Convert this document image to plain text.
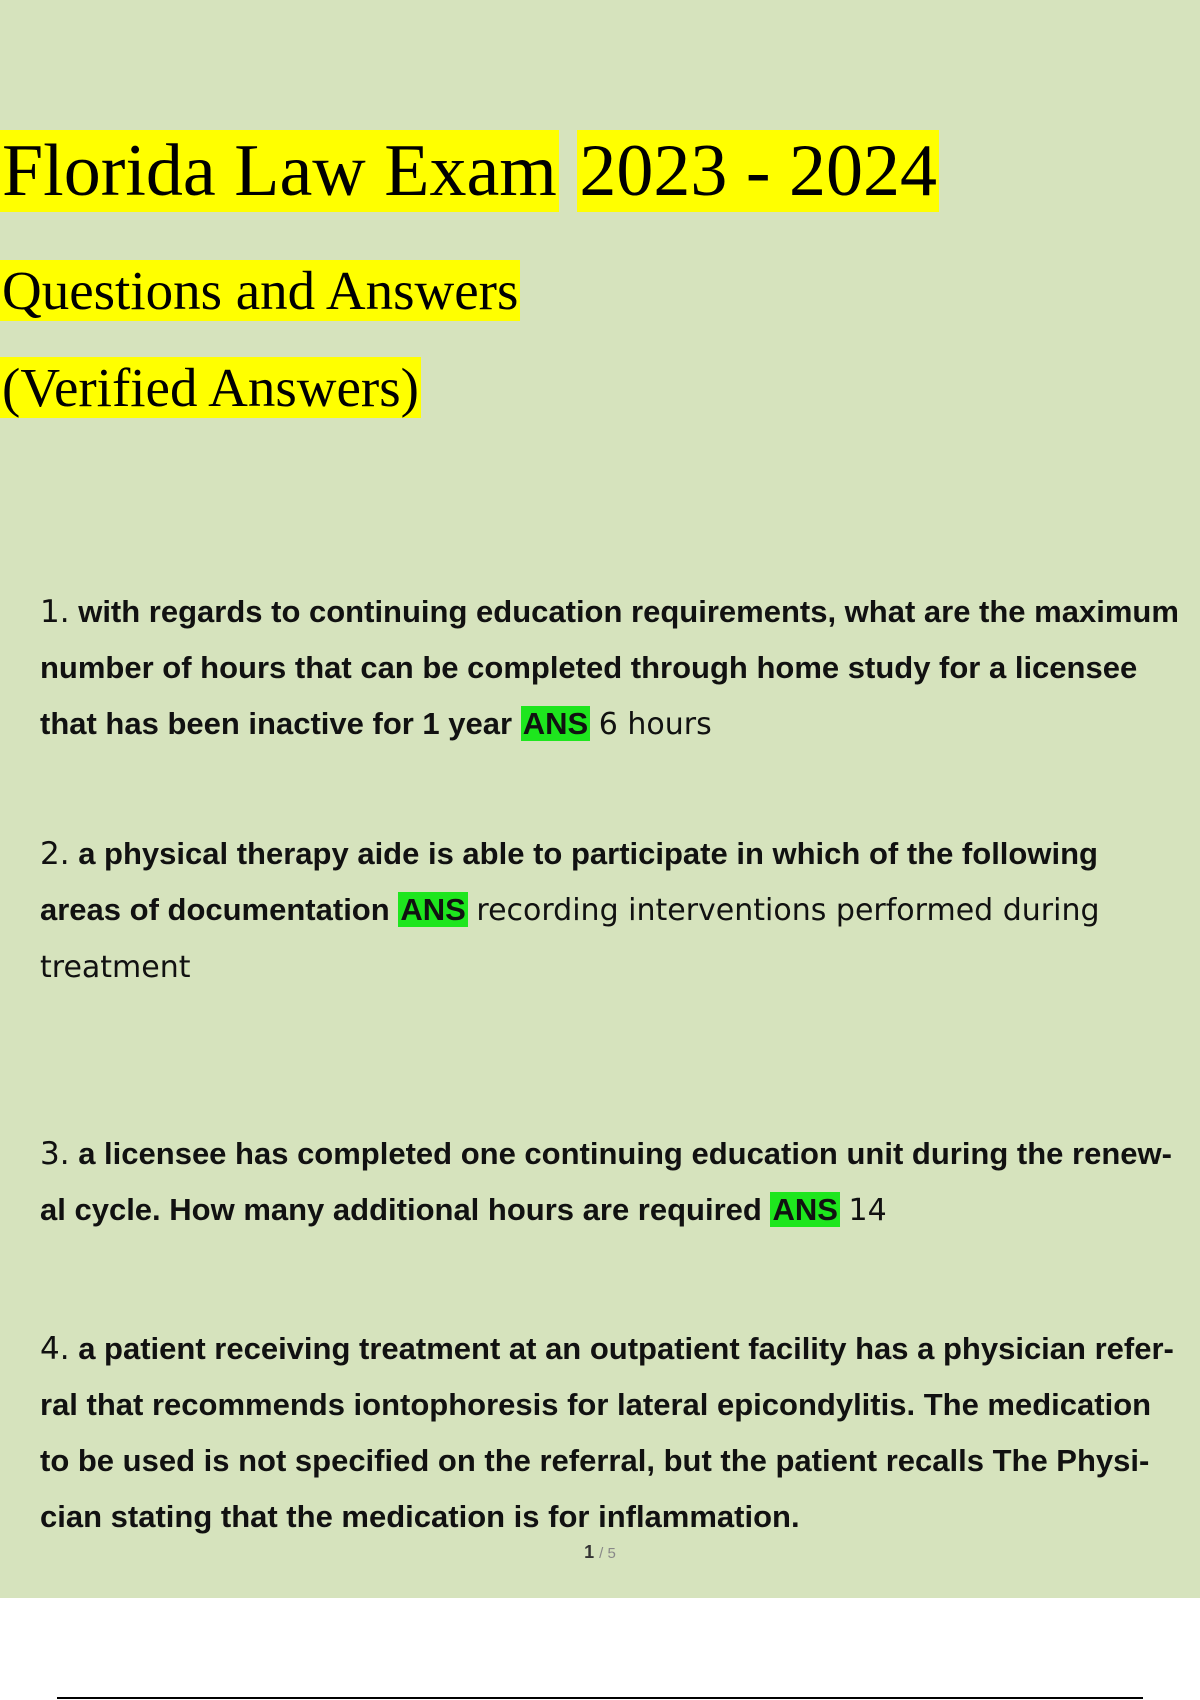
Florida Law Exam 2023 - 2024
Questions and Answers
(Verified Answers)
1. with regards to continuing education requirements, what are the maximum number of hours that can be completed through home study for a licensee that has been inactive for 1 year ANS 6 hours
2. a physical therapy aide is able to participate in which of the following areas of documentation ANS recording interventions performed during treatment
3. a licensee has completed one continuing education unit during the renew- al cycle. How many additional hours are required ANS 14
4. a patient receiving treatment at an outpatient facility has a physician refer- ral that recommends iontophoresis for lateral epicondylitis. The medication to be used is not specified on the referral, but the patient recalls The Physi- cian stating that the medication is for inflammation.
1 / 5
